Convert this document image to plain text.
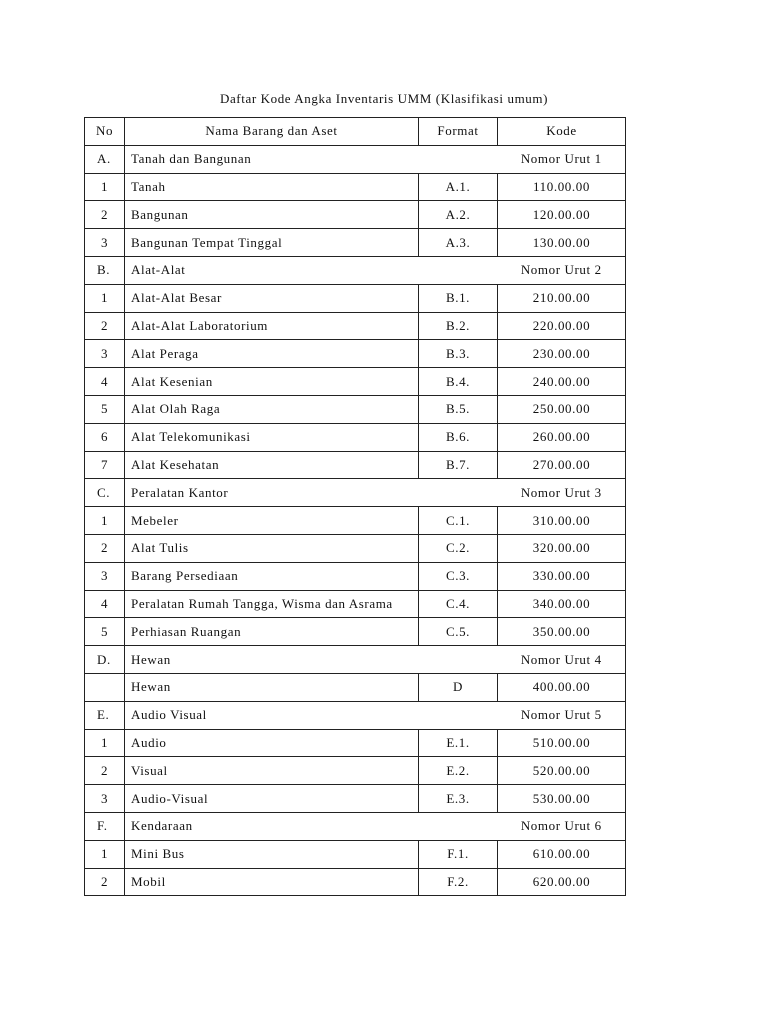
Daftar Kode Angka Inventaris UMM (Klasifikasi umum)
No	Nama Barang dan Aset	Format	Kode
A.	Tanah dan Bangunan		Nomor Urut 1
1	Tanah	A.1.	110.00.00
2	Bangunan	A.2.	120.00.00
3	Bangunan Tempat Tinggal	A.3.	130.00.00
B.	Alat-Alat		Nomor Urut 2
1	Alat-Alat Besar	B.1.	210.00.00
2	Alat-Alat Laboratorium	B.2.	220.00.00
3	Alat Peraga	B.3.	230.00.00
4	Alat Kesenian	B.4.	240.00.00
5	Alat Olah Raga	B.5.	250.00.00
6	Alat Telekomunikasi	B.6.	260.00.00
7	Alat Kesehatan	B.7.	270.00.00
C.	Peralatan Kantor		Nomor Urut 3
1	Mebeler	C.1.	310.00.00
2	Alat Tulis	C.2.	320.00.00
3	Barang Persediaan	C.3.	330.00.00
4	Peralatan Rumah Tangga, Wisma dan Asrama	C.4.	340.00.00
5	Perhiasan Ruangan	C.5.	350.00.00
D.	Hewan		Nomor Urut 4
	Hewan	D	400.00.00
E.	Audio Visual		Nomor Urut 5
1	Audio	E.1.	510.00.00
2	Visual	E.2.	520.00.00
3	Audio-Visual	E.3.	530.00.00
F.	Kendaraan		Nomor Urut 6
1	Mini Bus	F.1.	610.00.00
2	Mobil	F.2.	620.00.00
